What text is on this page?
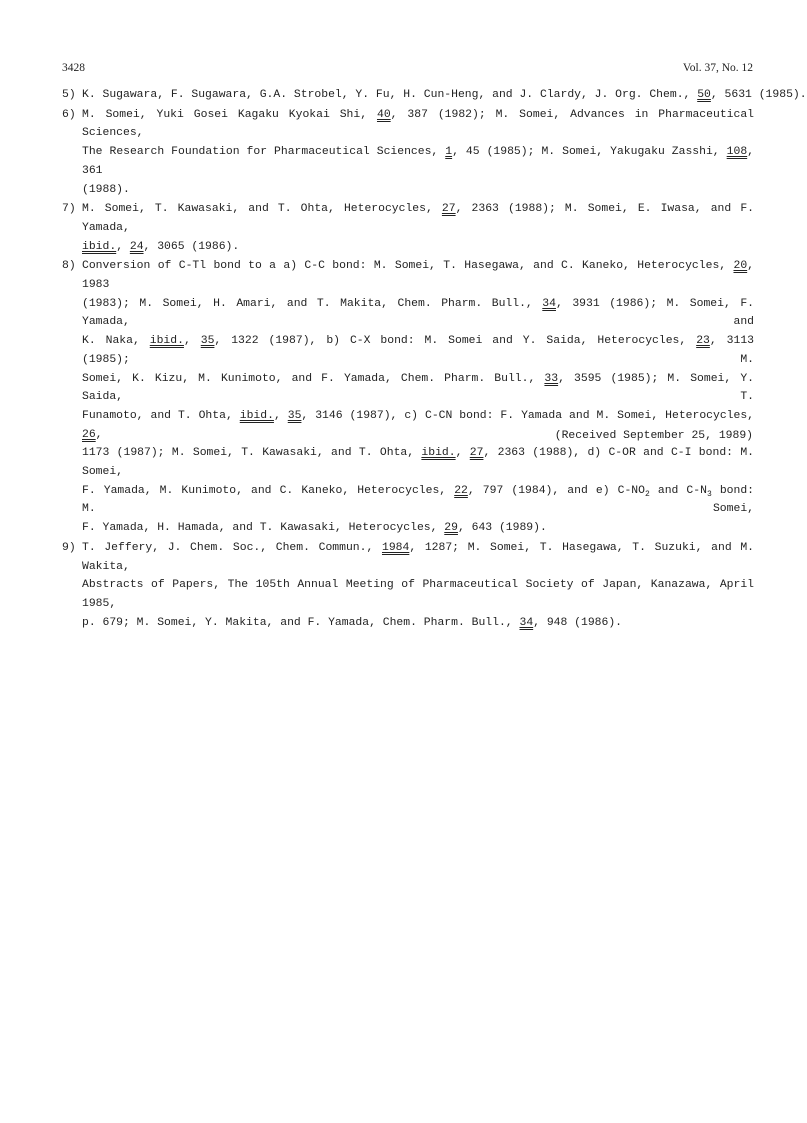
3428	Vol. 37, No. 12
5) K. Sugawara, F. Sugawara, G.A. Strobel, Y. Fu, H. Cun-Heng, and J. Clardy, J. Org. Chem., 50, 5631 (1985).
6) M. Somei, Yuki Gosei Kagaku Kyokai Shi, 40, 387 (1982); M. Somei, Advances in Pharmaceutical Sciences,
The Research Foundation for Pharmaceutical Sciences, 1, 45 (1985); M. Somei, Yakugaku Zasshi, 108, 361
(1988).
7) M. Somei, T. Kawasaki, and T. Ohta, Heterocycles, 27, 2363 (1988); M. Somei, E. Iwasa, and F. Yamada,
ibid., 24, 3065 (1986).
8) Conversion of C-Tl bond to a a) C-C bond: M. Somei, T. Hasegawa, and C. Kaneko, Heterocycles, 20, 1983
(1983); M. Somei, H. Amari, and T. Makita, Chem. Pharm. Bull., 34, 3931 (1986); M. Somei, F. Yamada, and
K. Naka, ibid., 35, 1322 (1987), b) C-X bond: M. Somei and Y. Saida, Heterocycles, 23, 3113 (1985); M.
Somei, K. Kizu, M. Kunimoto, and F. Yamada, Chem. Pharm. Bull., 33, 3595 (1985); M. Somei, Y. Saida, T.
Funamoto, and T. Ohta, ibid., 35, 3146 (1987), c) C-CN bond: F. Yamada and M. Somei, Heterocycles, 26,
1173 (1987); M. Somei, T. Kawasaki, and T. Ohta, ibid., 27, 2363 (1988), d) C-OR and C-I bond: M. Somei,
F. Yamada, M. Kunimoto, and C. Kaneko, Heterocycles, 22, 797 (1984), and e) $C-NO_2$ and $C-N_3$ bond: M. Somei,
F. Yamada, H. Hamada, and T. Kawasaki, Heterocycles, 29, 643 (1989).
9) T. Jeffery, J. Chem. Soc., Chem. Commun., 1984, 1287; M. Somei, T. Hasegawa, T. Suzuki, and M. Wakita,
Abstracts of Papers, The 105th Annual Meeting of Pharmaceutical Society of Japan, Kanazawa, April 1985,
p. 679; M. Somei, Y. Makita, and F. Yamada, Chem. Pharm. Bull., 34, 948 (1986).
(Received September 25, 1989)
